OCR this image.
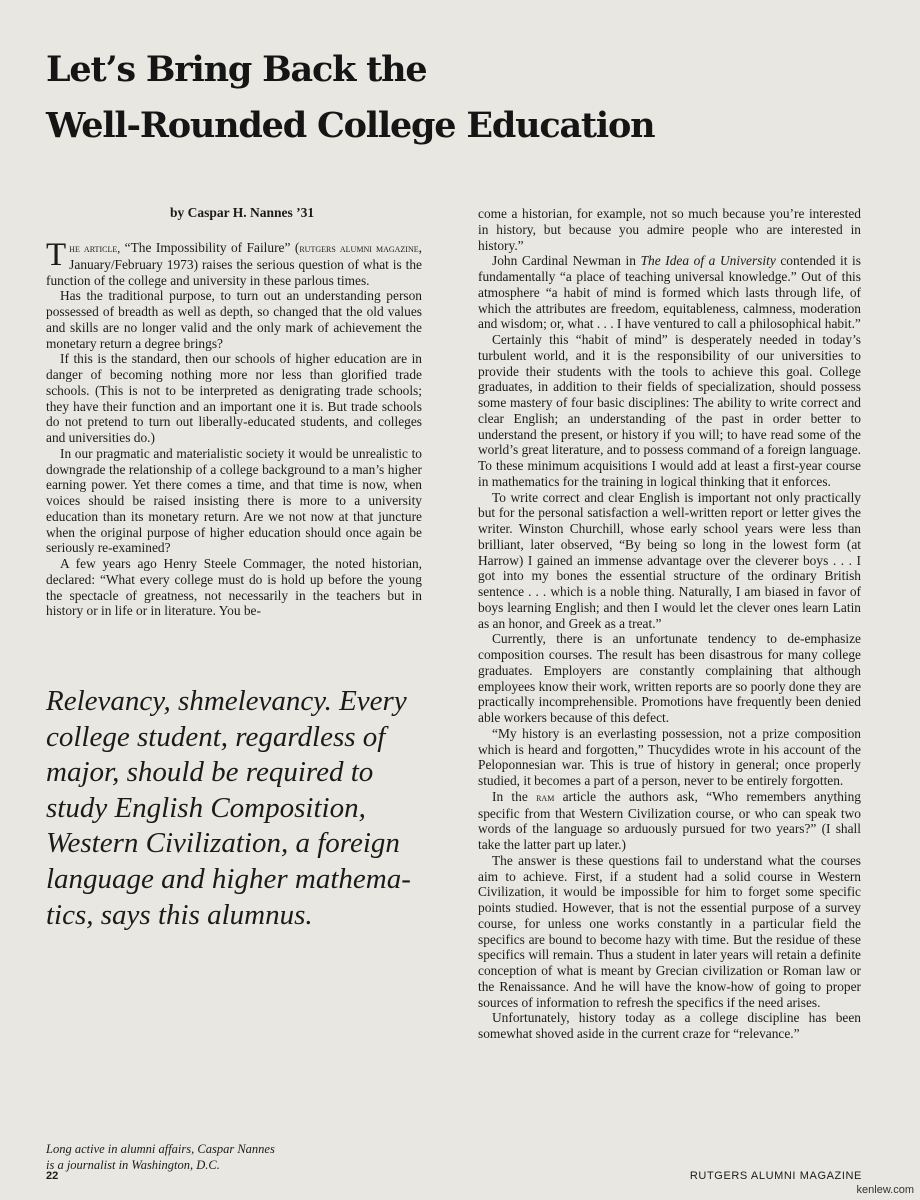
Let’s Bring Back the
Well-Rounded College Education
by Caspar H. Nannes ’31

The article, “The Impossibility of Failure” (rutgers alumni magazine, January/February 1973) raises the serious question of what is the function of the college and university in these parlous times.

Has the traditional purpose, to turn out an understanding person possessed of breadth as well as depth, so changed that the old values and skills are no longer valid and the only mark of achievement the monetary return a degree brings?

If this is the standard, then our schools of higher education are in danger of becoming nothing more nor less than glorified trade schools. (This is not to be interpreted as denigrating trade schools; they have their function and an important one it is. But trade schools do not pretend to turn out liberally-educated students, and colleges and universities do.)

In our pragmatic and materialistic society it would be unrealistic to downgrade the relationship of a college background to a man’s higher earning power. Yet there comes a time, and that time is now, when voices should be raised insisting there is more to a university education than its monetary return. Are we not now at that juncture when the original purpose of higher education should once again be seriously re-examined?

A few years ago Henry Steele Commager, the noted historian, declared: “What every college must do is hold up before the young the spectacle of greatness, not necessarily in the teachers but in history or in life or in literature. You be-

Relevancy, shmelevancy. Every

college student, regardless of

major, should be required to

study English Composition,

Western Civilization, a foreign

language and higher mathema-

tics, says this alumnus.

come a historian, for example, not so much because you’re interested in history, but because you admire people who are interested in history.”

John Cardinal Newman in The Idea of a University contended it is fundamentally “a place of teaching universal knowledge.” Out of this atmosphere “a habit of mind is formed which lasts through life, of which the attributes are freedom, equitableness, calmness, moderation and wisdom; or, what . . . I have ventured to call a philosophical habit.”

Certainly this “habit of mind” is desperately needed in today’s turbulent world, and it is the responsibility of our universities to provide their students with the tools to achieve this goal. College graduates, in addition to their fields of specialization, should possess some mastery of four basic disciplines: The ability to write correct and clear English; an understanding of the past in order better to understand the present, or history if you will; to have read some of the world’s great literature, and to possess command of a foreign language. To these minimum acquisitions I would add at least a first-year course in mathematics for the training in logical thinking that it enforces.

To write correct and clear English is important not only practically but for the personal satisfaction a well-written report or letter gives the writer. Winston Churchill, whose early school years were less than brilliant, later observed, “By being so long in the lowest form (at Harrow) I gained an immense advantage over the cleverer boys . . . I got into my bones the essential structure of the ordinary British sentence . . . which is a noble thing. Naturally, I am biased in favor of boys learning English; and then I would let the clever ones learn Latin as an honor, and Greek as a treat.”

Currently, there is an unfortunate tendency to de-emphasize composition courses. The result has been disastrous for many college graduates. Employers are constantly complaining that although employees know their work, written reports are so poorly done they are practically incomprehensible. Promotions have frequently been denied able workers because of this defect.

“My history is an everlasting possession, not a prize composition which is heard and forgotten,” Thucydides wrote in his account of the Peloponnesian war. This is true of history in general; once properly studied, it becomes a part of a person, never to be entirely forgotten.

In the ram article the authors ask, “Who remembers anything specific from that Western Civilization course, or who can speak two words of the language so arduously pursued for two years?” (I shall take the latter part up later.)

The answer is these questions fail to understand what the courses aim to achieve. First, if a student had a solid course in Western Civilization, it would be impossible for him to forget some specific points studied. However, that is not the essential purpose of a survey course, for unless one works constantly in a particular field the specifics are bound to become hazy with time. But the residue of these specifics will remain. Thus a student in later years will retain a definite conception of what is meant by Grecian civilization or Roman law or the Renaissance. And he will have the know-how of going to proper sources of information to refresh the specifics if the need arises.

Unfortunately, history today as a college discipline has been somewhat shoved aside in the current craze for “relevance.”

Long active in alumni affairs, Caspar Nannes

is a journalist in Washington, D.C.

22	RUTGERS ALUMNI MAGAZINE
kenlew.com
